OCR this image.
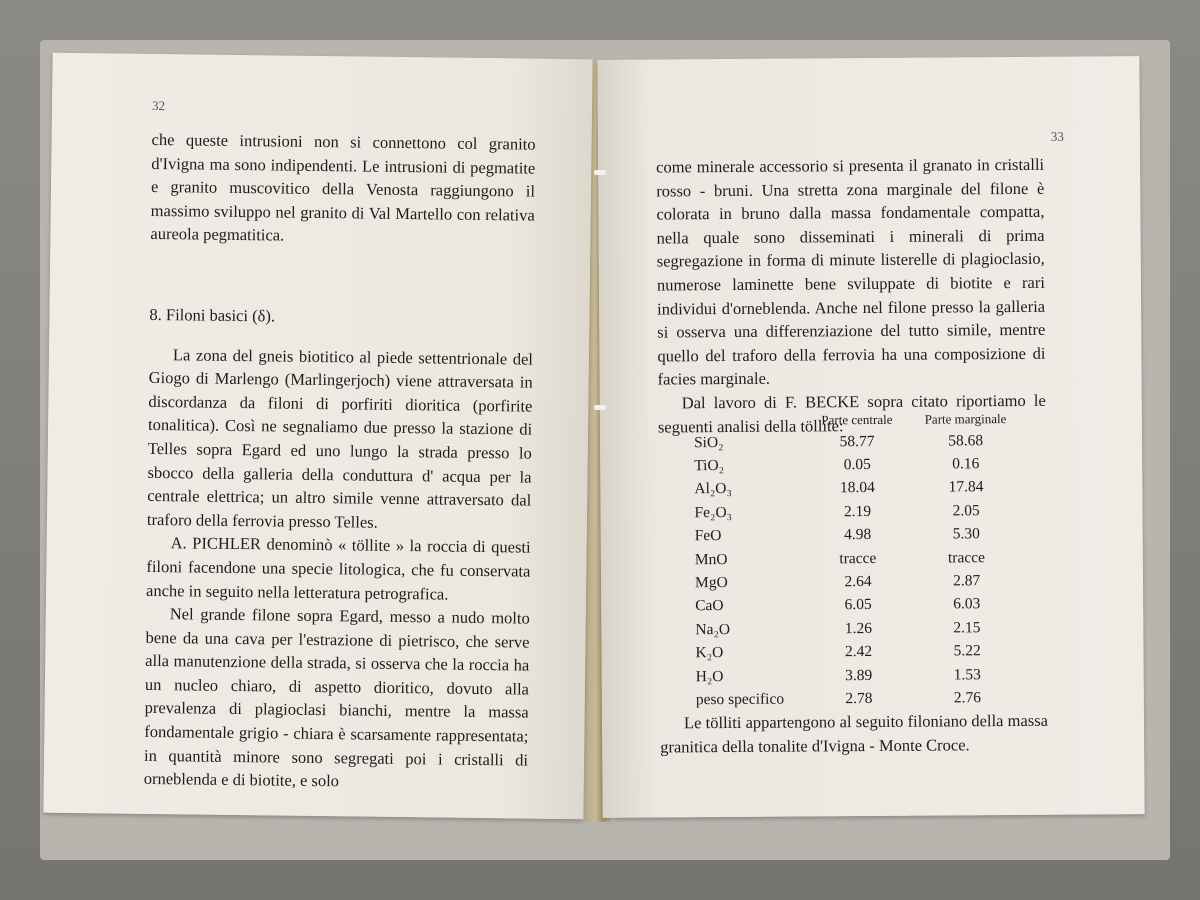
32

che queste intrusioni non si connettono col granito d'Ivigna ma sono indipendenti. Le intrusioni di pegmatite e granito muscovitico della Venosta raggiungono il massimo sviluppo nel granito di Val Martello con relativa aureola pegmatitica.

8. Filoni basici (δ).

La zona del gneis biotitico al piede settentrionale del Giogo di Marlengo (Marlingerjoch) viene attraversata in discordanza da filoni di porfiriti dioritica (porfirite tonalitica). Così ne segnaliamo due presso la stazione di Telles sopra Egard ed uno lungo la strada presso lo sbocco della galleria della conduttura d' acqua per la centrale elettrica; un altro simile venne attraversato dal traforo della ferrovia presso Telles.

A. PICHLER denominò « töllite » la roccia di questi filoni facendone una specie litologica, che fu conservata anche in seguito nella letteratura petrografica.

Nel grande filone sopra Egard, messo a nudo molto bene da una cava per l'estrazione di pietrisco, che serve alla manutenzione della strada, si osserva che la roccia ha un nucleo chiaro, di aspetto dioritico, dovuto alla prevalenza di plagioclasi bianchi, mentre la massa fondamentale grigio - chiara è scarsamente rappresentata; in quantità minore sono segregati poi i cristalli di orneblenda e di biotite, e solo

33

come minerale accessorio si presenta il granato in cristalli rosso - bruni. Una stretta zona marginale del filone è colorata in bruno dalla massa fondamentale compatta, nella quale sono disseminati i minerali di prima segregazione in forma di minute listerelle di plagioclasio, numerose laminette bene sviluppate di biotite e rari individui d'orneblenda. Anche nel filone presso la galleria si osserva una differenziazione del tutto simile, mentre quello del traforo della ferrovia ha una composizione di facies marginale.

Dal lavoro di F. BECKE sopra citato riportiamo le seguenti analisi della töllite:

	Parte centrale	Parte marginale
SiO₂	58.77	58.68
TiO₂	0.05	0.16
Al₂O₃	18.04	17.84
Fe₂O₃	2.19	2.05
FeO	4.98	5.30
MnO	tracce	tracce
MgO	2.64	2.87
CaO	6.05	6.03
Na₂O	1.26	2.15
K₂O	2.42	5.22
H₂O	3.89	1.53
peso specifico	2.78	2.76

Le tölliti appartengono al seguito filoniano della massa granitica della tonalite d'Ivigna - Monte Croce.
